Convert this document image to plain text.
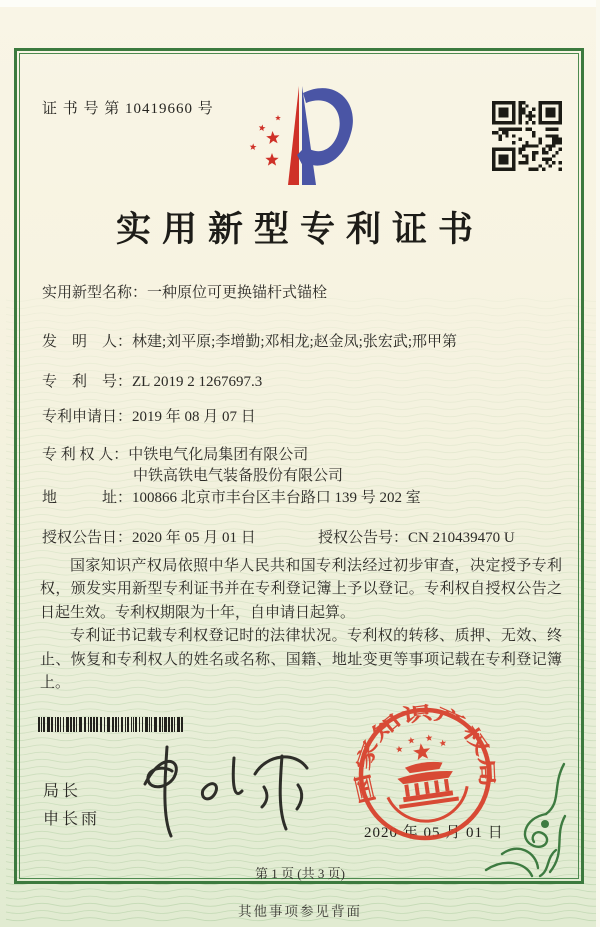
证 书 号 第 10419660 号
实用新型专利证书
实用新型名称：一种原位可更换锚杆式锚栓
发　明　人：林建;刘平原;李增勤;邓相龙;赵金凤;张宏武;邢甲第
专　利　号：ZL 2019 2 1267697.3
专利申请日：2019 年 08 月 07 日
专 利 权 人：中铁电气化局集团有限公司
中铁高铁电气装备股份有限公司
地　　　址：100866 北京市丰台区丰台路口 139 号 202 室
授权公告日：2020 年 05 月 01 日	授权公告号：CN 210439470 U

国家知识产权局依照中华人民共和国专利法经过初步审查，决定授予专利权，颁发实用新型专利证书并在专利登记簿上予以登记。专利权自授权公告之日起生效。专利权期限为十年，自申请日起算。

专利证书记载专利权登记时的法律状况。专利权的转移、质押、无效、终止、恢复和专利权人的姓名或名称、国籍、地址变更等事项记载在专利登记簿上。

局长
申长雨
2020 年 05 月 01 日
国家知识产权局
第 1 页 (共 3 页)
其他事项参见背面
